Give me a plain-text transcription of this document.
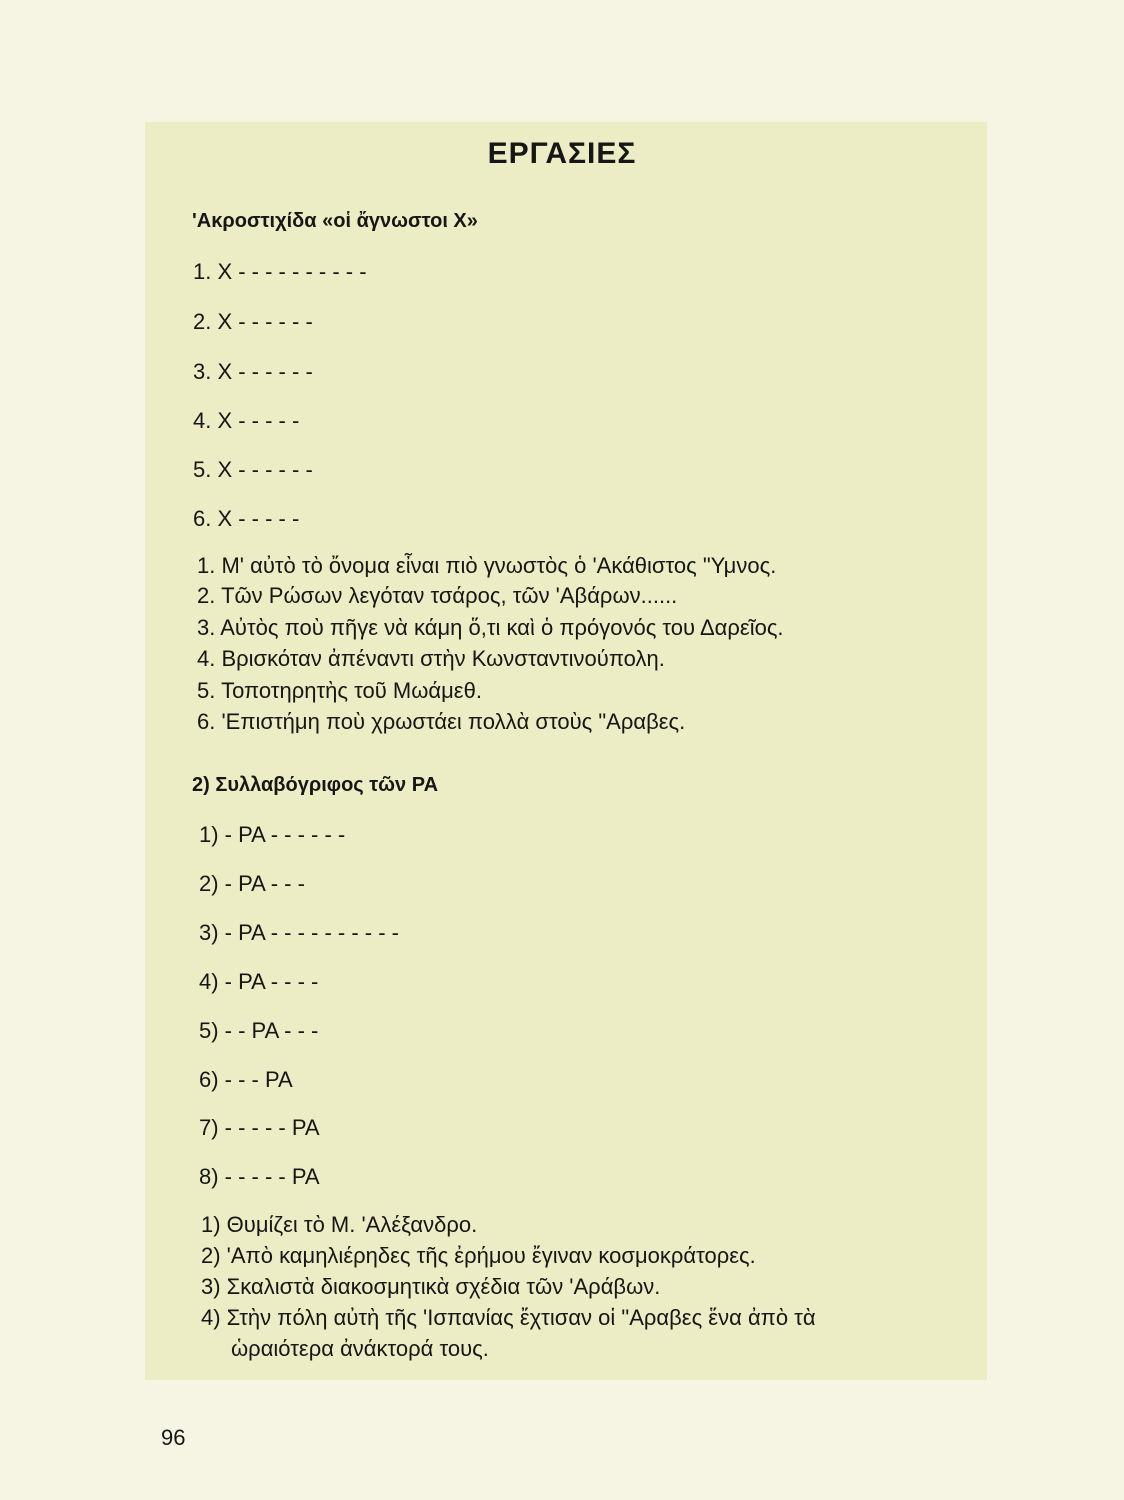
ΕΡΓΑΣΙΕΣ
'Ακροστιχίδα «οἱ ἄγνωστοι Χ»
1. Χ - - - - - - - - - -
2. Χ - - - - - -
3. Χ - - - - - -
4. Χ - - - - -
5. Χ - - - - - -
6. Χ - - - - -
1. Μ' αὐτὸ τὸ ὄνομα εἶναι πιὸ γνωστὸς ὁ 'Ακάθιστος "Υμνος.
2. Τῶν Ρώσων λεγόταν τσάρος, τῶν 'Αβάρων......
3. Αὐτὸς ποὺ πῆγε νὰ κάμη ὅ,τι καὶ ὁ πρόγονός του Δαρεῖος.
4. Βρισκόταν ἀπέναντι στὴν Κωνσταντινούπολη.
5. Τοποτηρητὴς τοῦ Μωάμεθ.
6. 'Επιστήμη ποὺ χρωστάει πολλὰ στοὺς "Αραβες.
2) Συλλαβόγριφος τῶν ΡΑ
1) - ΡΑ - - - - - -
2) - ΡΑ - - -
3) - ΡΑ - - - - - - - - - -
4) - ΡΑ - - - -
5) - - ΡΑ - - -
6) - - - ΡΑ
7) - - - - - ΡΑ
8) - - - - - ΡΑ
1) Θυμίζει τὸ Μ. 'Αλέξανδρο.
2) 'Απὸ καμηλιέρηδες τῆς ἐρήμου ἔγιναν κοσμοκράτορες.
3) Σκαλιστὰ διακοσμητικὰ σχέδια τῶν 'Αράβων.
4) Στὴν πόλη αὐτὴ τῆς 'Ισπανίας ἔχτισαν οἱ "Αραβες ἕνα ἀπὸ τὰ
ὡραιότερα ἀνάκτορά τους.
96
